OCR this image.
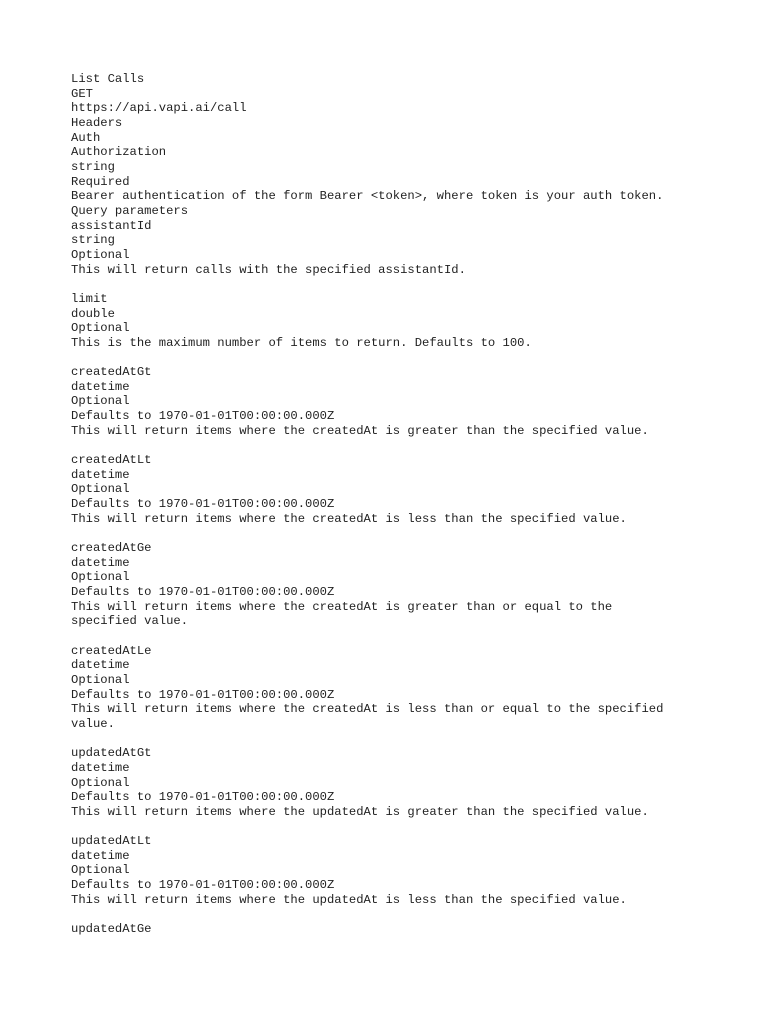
List Calls
GET
https://api.vapi.ai/call
Headers
Auth
Authorization
string
Required
Bearer authentication of the form Bearer <token>, where token is your auth token.
Query parameters
assistantId
string
Optional
This will return calls with the specified assistantId.
limit
double
Optional
This is the maximum number of items to return. Defaults to 100.
createdAtGt
datetime
Optional
Defaults to 1970-01-01T00:00:00.000Z
This will return items where the createdAt is greater than the specified value.
createdAtLt
datetime
Optional
Defaults to 1970-01-01T00:00:00.000Z
This will return items where the createdAt is less than the specified value.
createdAtGe
datetime
Optional
Defaults to 1970-01-01T00:00:00.000Z
This will return items where the createdAt is greater than or equal to the
specified value.
createdAtLe
datetime
Optional
Defaults to 1970-01-01T00:00:00.000Z
This will return items where the createdAt is less than or equal to the specified
value.
updatedAtGt
datetime
Optional
Defaults to 1970-01-01T00:00:00.000Z
This will return items where the updatedAt is greater than the specified value.
updatedAtLt
datetime
Optional
Defaults to 1970-01-01T00:00:00.000Z
This will return items where the updatedAt is less than the specified value.
updatedAtGe
